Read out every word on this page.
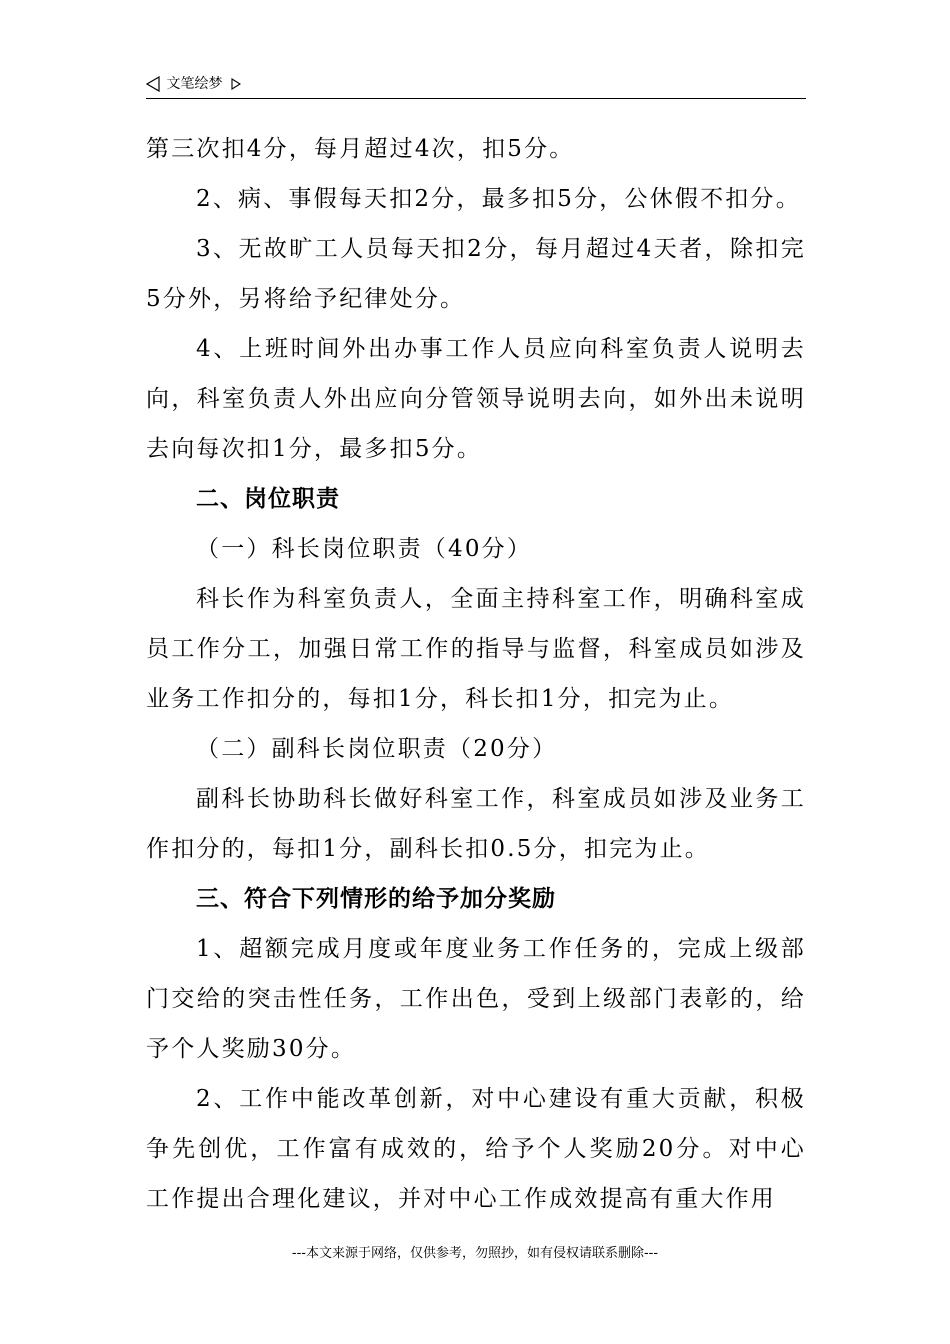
文笔绘梦

第三次扣4分，每月超过4次，扣5分。

2、病、事假每天扣2分，最多扣5分，公休假不扣分。

3、无故旷工人员每天扣2分，每月超过4天者，除扣完5分外，另将给予纪律处分。

4、上班时间外出办事工作人员应向科室负责人说明去向，科室负责人外出应向分管领导说明去向，如外出未说明去向每次扣1分，最多扣5分。

二、岗位职责

（一）科长岗位职责（40分）

科长作为科室负责人，全面主持科室工作，明确科室成员工作分工，加强日常工作的指导与监督，科室成员如涉及业务工作扣分的，每扣1分，科长扣1分，扣完为止。

（二）副科长岗位职责（20分）

副科长协助科长做好科室工作，科室成员如涉及业务工作扣分的，每扣1分，副科长扣0.5分，扣完为止。

三、符合下列情形的给予加分奖励

1、超额完成月度或年度业务工作任务的，完成上级部门交给的突击性任务，工作出色，受到上级部门表彰的，给予个人奖励30分。

2、工作中能改革创新，对中心建设有重大贡献，积极争先创优，工作富有成效的，给予个人奖励20分。对中心工作提出合理化建议，并对中心工作成效提高有重大作用

---本文来源于网络，仅供参考，勿照抄，如有侵权请联系删除---
